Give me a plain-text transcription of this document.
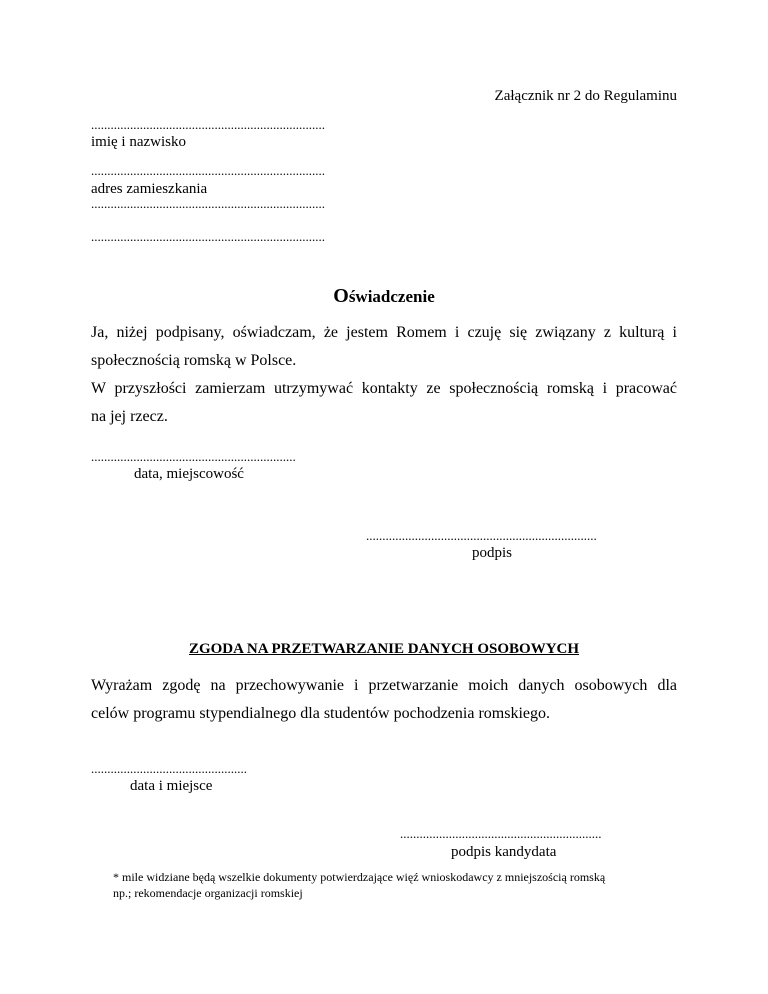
Załącznik nr 2 do Regulaminu
........................................................................
imię i nazwisko
........................................................................
adres zamieszkania
........................................................................
........................................................................
Oświadczenie

Ja, niżej podpisany, oświadczam, że jestem Romem i czuję się związany z kulturą i

społecznością romską w Polsce.

W przyszłości zamierzam utrzymywać kontakty ze społecznością romską i pracować

na jej rzecz.

...............................................................
data, miejscowość
.......................................................................
podpis
ZGODA NA PRZETWARZANIE DANYCH OSOBOWYCH

Wyrażam zgodę na przechowywanie i przetwarzanie moich danych osobowych dla

celów programu stypendialnego dla studentów pochodzenia romskiego.

................................................
data i miejsce
..............................................................
podpis kandydata
* mile widziane będą wszelkie dokumenty potwierdzające więź wnioskodawcy z mniejszością romską
np.; rekomendacje organizacji romskiej
